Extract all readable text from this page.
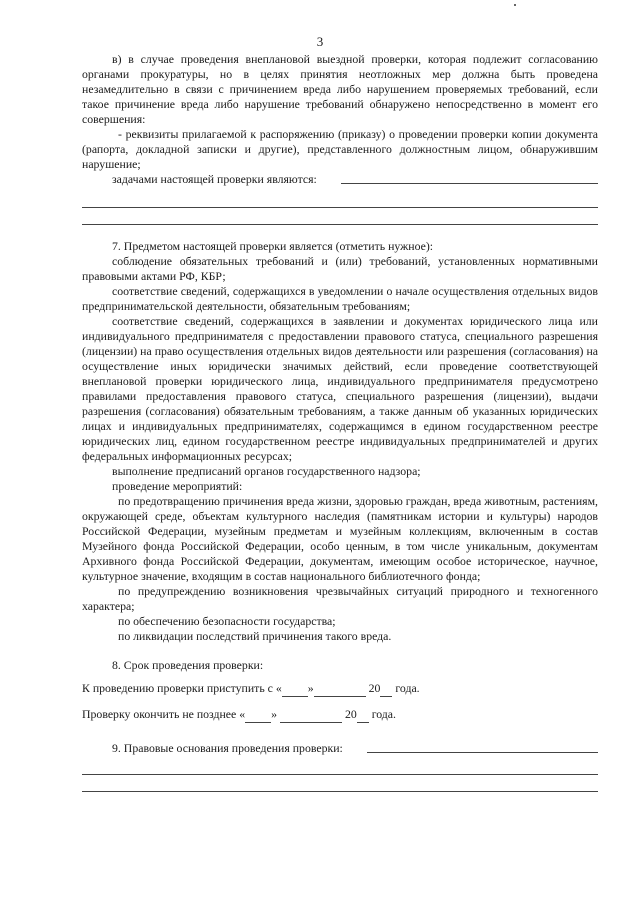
3

в) в случае проведения внеплановой выездной проверки, которая подлежит согласованию органами прокуратуры, но в целях принятия неотложных мер должна быть проведена незамедлительно в связи с причинением вреда либо нарушением проверяемых требований, если такое причинение вреда либо нарушение требований обнаружено непосредственно в момент его совершения:

- реквизиты прилагаемой к распоряжению (приказу) о проведении проверки копии документа (рапорта, докладной записки и другие), представленного должностным лицом, обнаружившим нарушение;

задачами настоящей проверки являются:

7. Предметом настоящей проверки является (отметить нужное):

соблюдение обязательных требований и (или) требований, установленных нормативными правовыми актами РФ, КБР;

соответствие сведений, содержащихся в уведомлении о начале осуществления отдельных видов предпринимательской деятельности, обязательным требованиям;

соответствие сведений, содержащихся в заявлении и документах юридического лица или индивидуального предпринимателя с предоставлении правового статуса, специального разрешения (лицензии) на право осуществления отдельных видов деятельности или разрешения (согласования) на осуществление иных юридически значимых действий, если проведение соответствующей внеплановой проверки юридического лица, индивидуального предпринимателя предусмотрено правилами предоставления правового статуса, специального разрешения (лицензии), выдачи разрешения (согласования) обязательным требованиям, а также данным об указанных юридических лицах и индивидуальных предпринимателях, содержащимся в едином государственном реестре юридических лиц, едином государственном реестре индивидуальных предпринимателей и других федеральных информационных ресурсах;

выполнение предписаний органов государственного надзора;

проведение мероприятий:

по предотвращению причинения вреда жизни, здоровью граждан, вреда животным, растениям, окружающей среде, объектам культурного наследия (памятникам истории и культуры) народов Российской Федерации, музейным предметам и музейным коллекциям, включенным в состав Музейного фонда Российской Федерации, особо ценным, в том числе уникальным, документам Архивного фонда Российской Федерации, документам, имеющим особое историческое, научное, культурное значение, входящим в состав национального библиотечного фонда;

по предупреждению возникновения чрезвычайных ситуаций природного и техногенного характера;

по обеспечению безопасности государства;

по ликвидации последствий причинения такого вреда.

8. Срок проведения проверки:

К проведению проверки приступить с « »	20  года.

Проверку окончить не позднее « »	20  года.

9. Правовые основания проведения проверки:
